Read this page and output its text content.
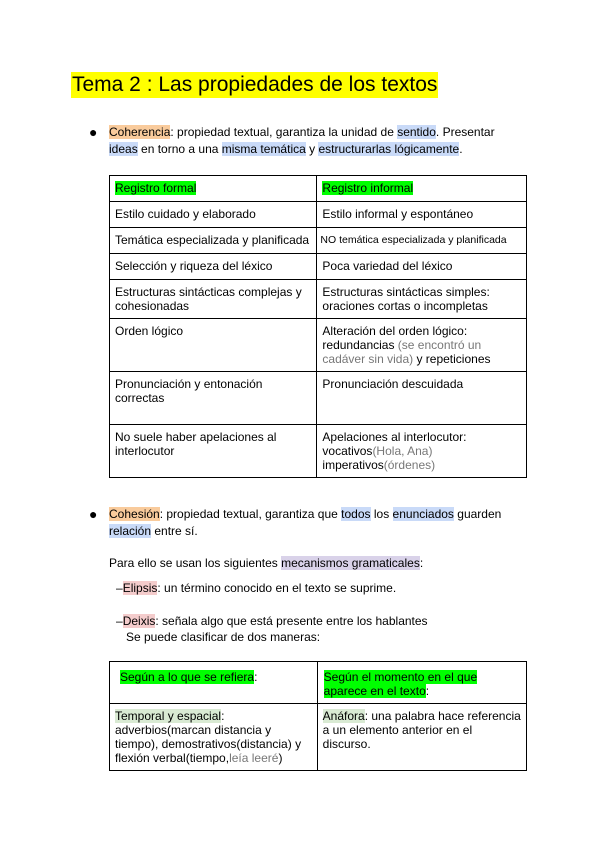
Tema 2 : Las propiedades de los textos
● Coherencia: propiedad textual, garantiza la unidad de sentido. Presentar
ideas en torno a una misma temática y estructurarlas lógicamente.
Registro formal	Registro informal
Estilo cuidado y elaborado	Estilo informal y espontáneo
Temática especializada y planificada	NO temática especializada y planificada
Selección y riqueza del léxico	Poca variedad del léxico
Estructuras sintácticas complejas y cohesionadas	Estructuras sintácticas simples: oraciones cortas o incompletas
Orden lógico	Alteración del orden lógico: redundancias (se encontró un cadáver sin vida) y repeticiones
Pronunciación y entonación correctas	Pronunciación descuidada
No suele haber apelaciones al interlocutor	Apelaciones al interlocutor:
vocativos(Hola, Ana)
imperativos(órdenes)
● Cohesión: propiedad textual, garantiza que todos los enunciados guarden
relación entre sí.
Para ello se usan los siguientes mecanismos gramaticales:
–Elipsis: un término conocido en el texto se suprime.
–Deixis: señala algo que está presente entre los hablantes
Se puede clasificar de dos maneras:
Según a lo que se refiera:	Según el momento en el que aparece en el texto:
Temporal y espacial: adverbios(marcan distancia y tiempo), demostrativos(distancia) y flexión verbal(tiempo,leía leeré)	Anáfora: una palabra hace referencia a un elemento anterior en el discurso.
